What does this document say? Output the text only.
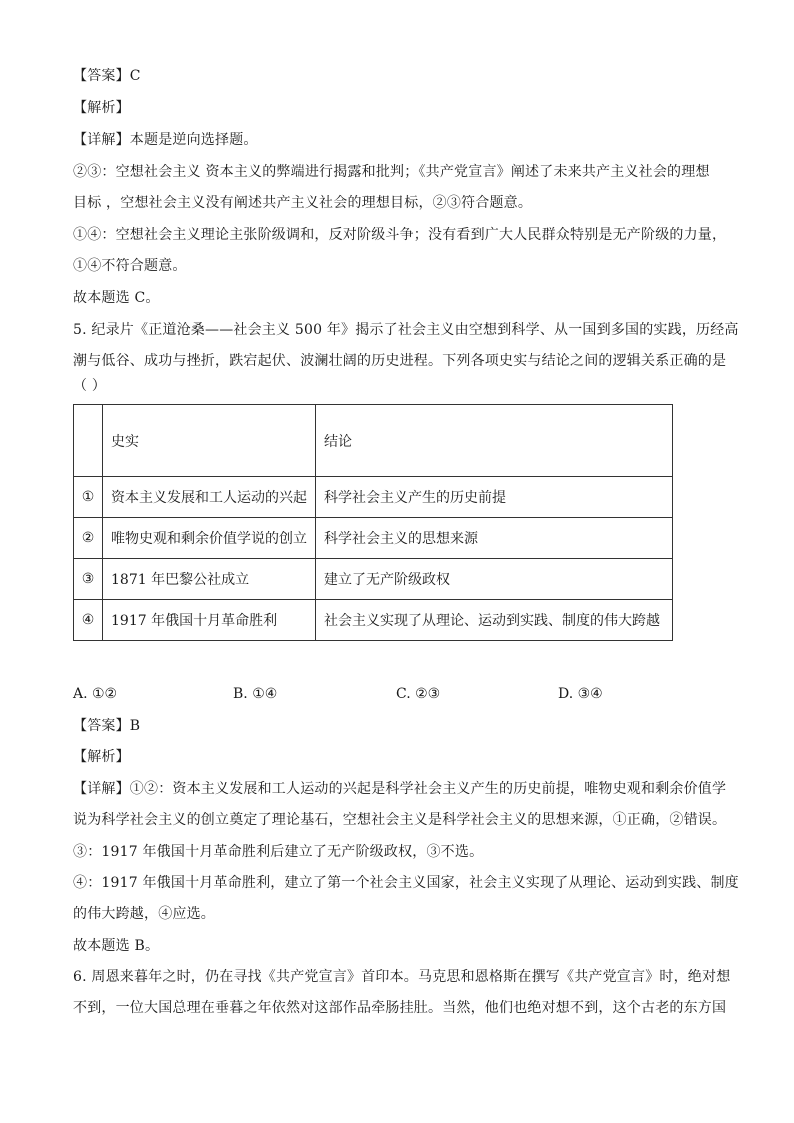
【答案】C
【解析】
【详解】本题是逆向选择题。
②③：空想社会主义 资本主义的弊端进行揭露和批判；《共产党宣言》阐述了未来共产主义社会的理想
目标 ，空想社会主义没有阐述共产主义社会的理想目标，②③符合题意。
①④：空想社会主义理论主张阶级调和，反对阶级斗争；没有看到广大人民群众特别是无产阶级的力量，
①④不符合题意。
故本题选 C。
5. 纪录片《正道沧桑——社会主义 500 年》揭示了社会主义由空想到科学、从一国到多国的实践，历经高
潮与低谷、成功与挫折，跌宕起伏、波澜壮阔的历史进程。下列各项史实与结论之间的逻辑关系正确的是
（ ）
	史实	结论
①	资本主义发展和工人运动的兴起	科学社会主义产生的历史前提
②	唯物史观和剩余价值学说的创立	科学社会主义的思想来源
③	1871 年巴黎公社成立	建立了无产阶级政权
④	1917 年俄国十月革命胜利	社会主义实现了从理论、运动到实践、制度的伟大跨越
A. ①②	B. ①④	C. ②③	D. ③④
【答案】B
【解析】
【详解】①②：资本主义发展和工人运动的兴起是科学社会主义产生的历史前提，唯物史观和剩余价值学
说为科学社会主义的创立奠定了理论基石，空想社会主义是科学社会主义的思想来源，①正确，②错误。
③：1917 年俄国十月革命胜利后建立了无产阶级政权，③不选。
④：1917 年俄国十月革命胜利，建立了第一个社会主义国家，社会主义实现了从理论、运动到实践、制度
的伟大跨越，④应选。
故本题选 B。
6. 周恩来暮年之时，仍在寻找《共产党宣言》首印本。马克思和恩格斯在撰写《共产党宣言》时，绝对想
不到，一位大国总理在垂暮之年依然对这部作品牵肠挂肚。当然，他们也绝对想不到，这个古老的东方国
